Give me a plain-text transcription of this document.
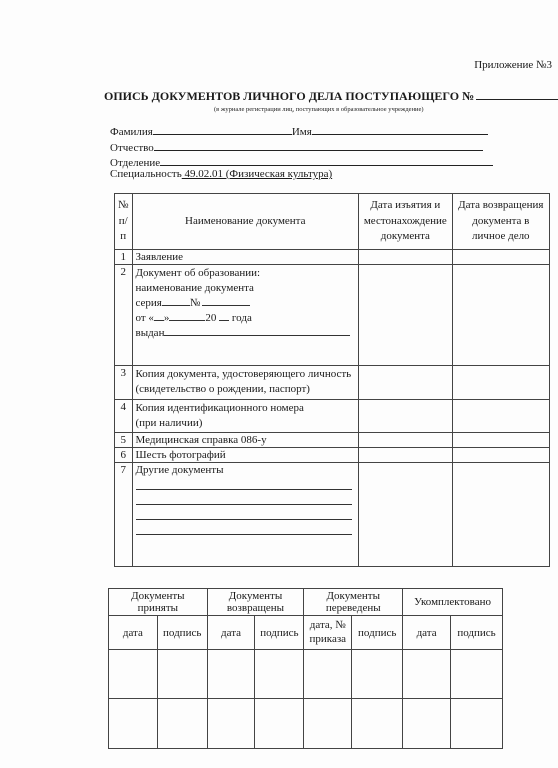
Приложение №3
ОПИСЬ ДОКУМЕНТОВ ЛИЧНОГО ДЕЛА ПОСТУПАЮЩЕГО №
(в журнале регистрации лиц, поступающих в образовательное учреждение)
Фамилия	Имя
Отчество
Отделение
Специальность 49.02.01 (Физическая культура)
№ п/ п	Наименование документа	Дата изъятия и местонахождение документа	Дата возвращения документа в личное дело
1	Заявление		
2	Документ об образовании:
наименование документа
серия №
от « » 20 года
выдан		

3	Копия документа, удостоверяющего личность
(свидетельство о рождении, паспорт)		

4	Копия идентификационного номера
(при наличии)		

5	Медицинская справка 086-у		
6	Шесть фотографий		
7	Другие документы		

Документы приняты		Документы возвращены		Документы переведены		Укомплектовано	
дата	подпись	дата	подпись	дата, № приказа	подпись	дата	подпись
